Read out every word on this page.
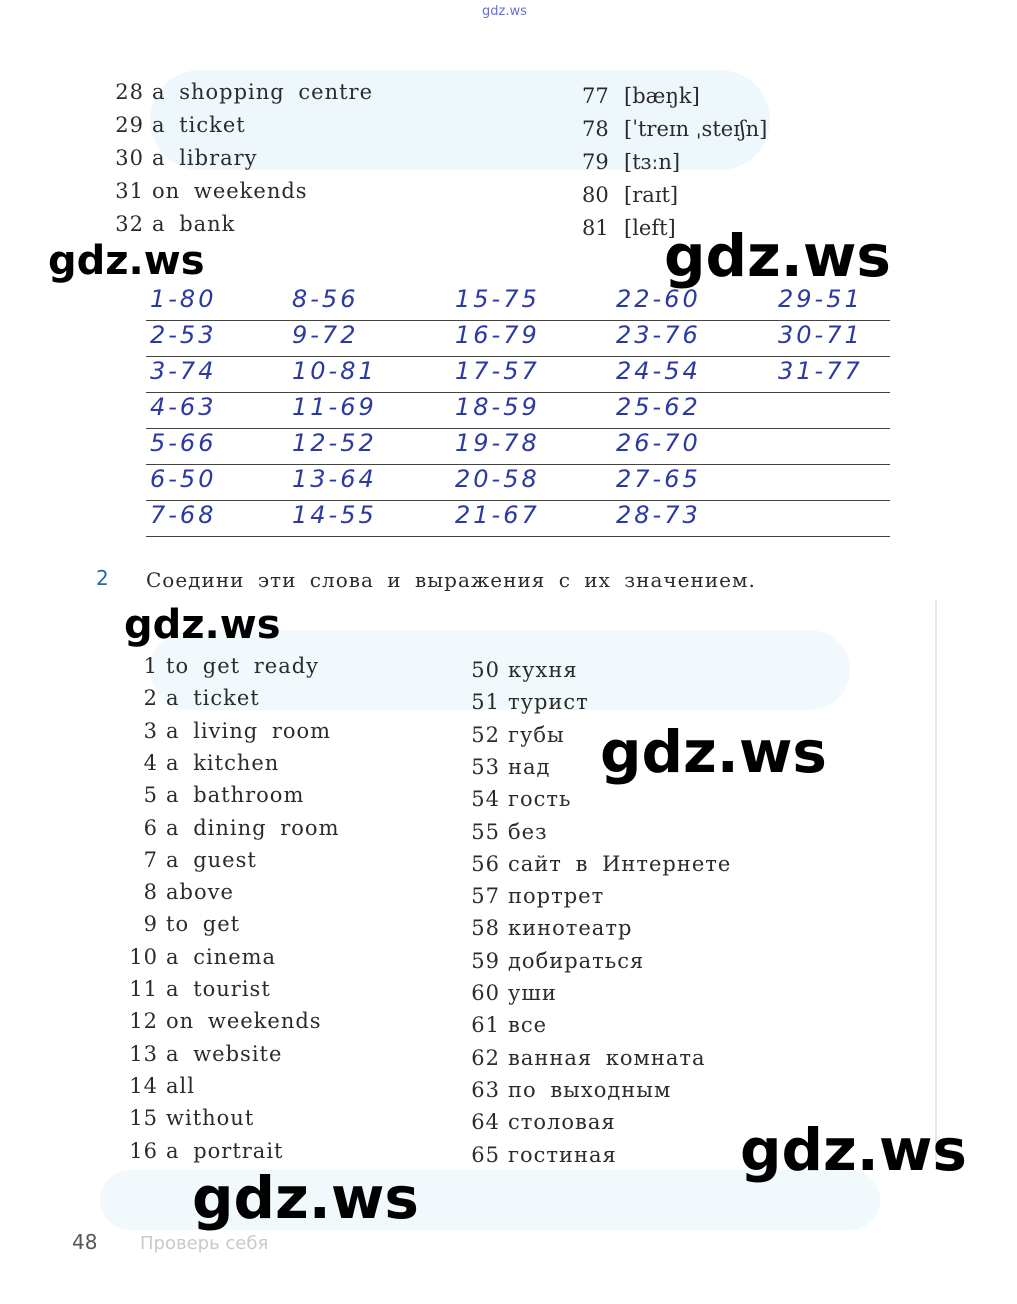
gdz.ws
28 a shopping centre
29 a ticket
30 a library
31 on weekends
32 a bank
77 [bæŋk]
78 [ˈtreɪn ˌsteɪʃn]
79 [tɜːn]
80 [raɪt]
81 [left]
1-80	8-56	15-75	22-60	29-51
2-53	9-72	16-79	23-76	30-71
3-74	10-81	17-57	24-54	31-77
4-63	11-69	18-59	25-62
5-66	12-52	19-78	26-70
6-50	13-64	20-58	27-65
7-68	14-55	21-67	28-73
2 Соедини эти слова и выражения с их значением.
1 to get ready
2 a ticket
3 a living room
4 a kitchen
5 a bathroom
6 a dining room
7 a guest
8 above
9 to get
10 a cinema
11 a tourist
12 on weekends
13 a website
14 all
15 without
16 a portrait
50 кухня
51 турист
52 губы
53 над
54 гость
55 без
56 сайт в Интернете
57 портрет
58 кинотеатр
59 добираться
60 уши
61 все
62 ванная комната
63 по выходным
64 столовая
65 гостиная
gdz.ws	gdz.ws
gdz.ws
gdz.ws
gdz.ws
gdz.ws
48 Проверь себя
